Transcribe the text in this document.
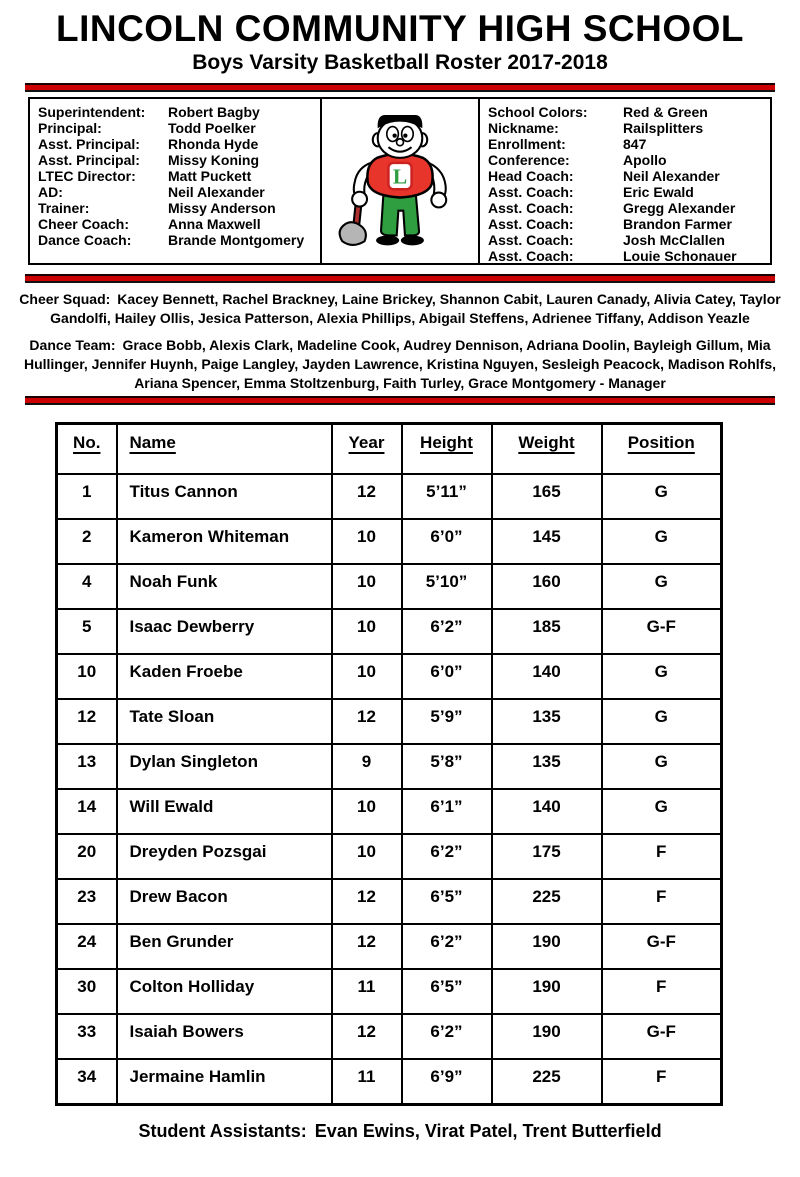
LINCOLN COMMUNITY HIGH SCHOOL
Boys Varsity Basketball Roster 2017-2018
Superintendent:	Robert Bagby
Principal:	Todd Poelker
Asst. Principal:	Rhonda Hyde
Asst. Principal:	Missy Koning
LTEC Director:	Matt Puckett
AD:	Neil Alexander
Trainer:	Missy Anderson
Cheer Coach:	Anna Maxwell
Dance Coach:	Brande Montgomery
L
School Colors:	Red & Green
Nickname:	Railsplitters
Enrollment:	847
Conference:	Apollo
Head Coach:	Neil Alexander
Asst. Coach:	Eric Ewald
Asst. Coach:	Gregg Alexander
Asst. Coach:	Brandon Farmer
Asst. Coach:	Josh McClallen
Asst. Coach:	Louie Schonauer

Cheer Squad: Kacey Bennett, Rachel Brackney, Laine Brickey, Shannon Cabit, Lauren Canady, Alivia Catey, Taylor Gandolfi, Hailey Ollis, Jesica Patterson, Alexia Phillips, Abigail Steffens, Adrienee Tiffany, Addison Yeazle

Dance Team: Grace Bobb, Alexis Clark, Madeline Cook, Audrey Dennison, Adriana Doolin, Bayleigh Gillum, Mia Hullinger, Jennifer Huynh, Paige Langley, Jayden Lawrence, Kristina Nguyen, Sesleigh Peacock, Madison Rohlfs, Ariana Spencer, Emma Stoltzenburg, Faith Turley, Grace Montgomery - Manager

No.	Name	Year	Height	Weight	Position
1	Titus Cannon	12	5’11”	165	G
2	Kameron Whiteman	10	6’0”	145	G
4	Noah Funk	10	5’10”	160	G
5	Isaac Dewberry	10	6’2”	185	G-F
10	Kaden Froebe	10	6’0”	140	G
12	Tate Sloan	12	5’9”	135	G
13	Dylan Singleton	9	5’8”	135	G
14	Will Ewald	10	6’1”	140	G
20	Dreyden Pozsgai	10	6’2”	175	F
23	Drew Bacon	12	6’5”	225	F
24	Ben Grunder	12	6’2”	190	G-F
30	Colton Holliday	11	6’5”	190	F
33	Isaiah Bowers	12	6’2”	190	G-F
34	Jermaine Hamlin	11	6’9”	225	F

Student Assistants: Evan Ewins, Virat Patel, Trent Butterfield
